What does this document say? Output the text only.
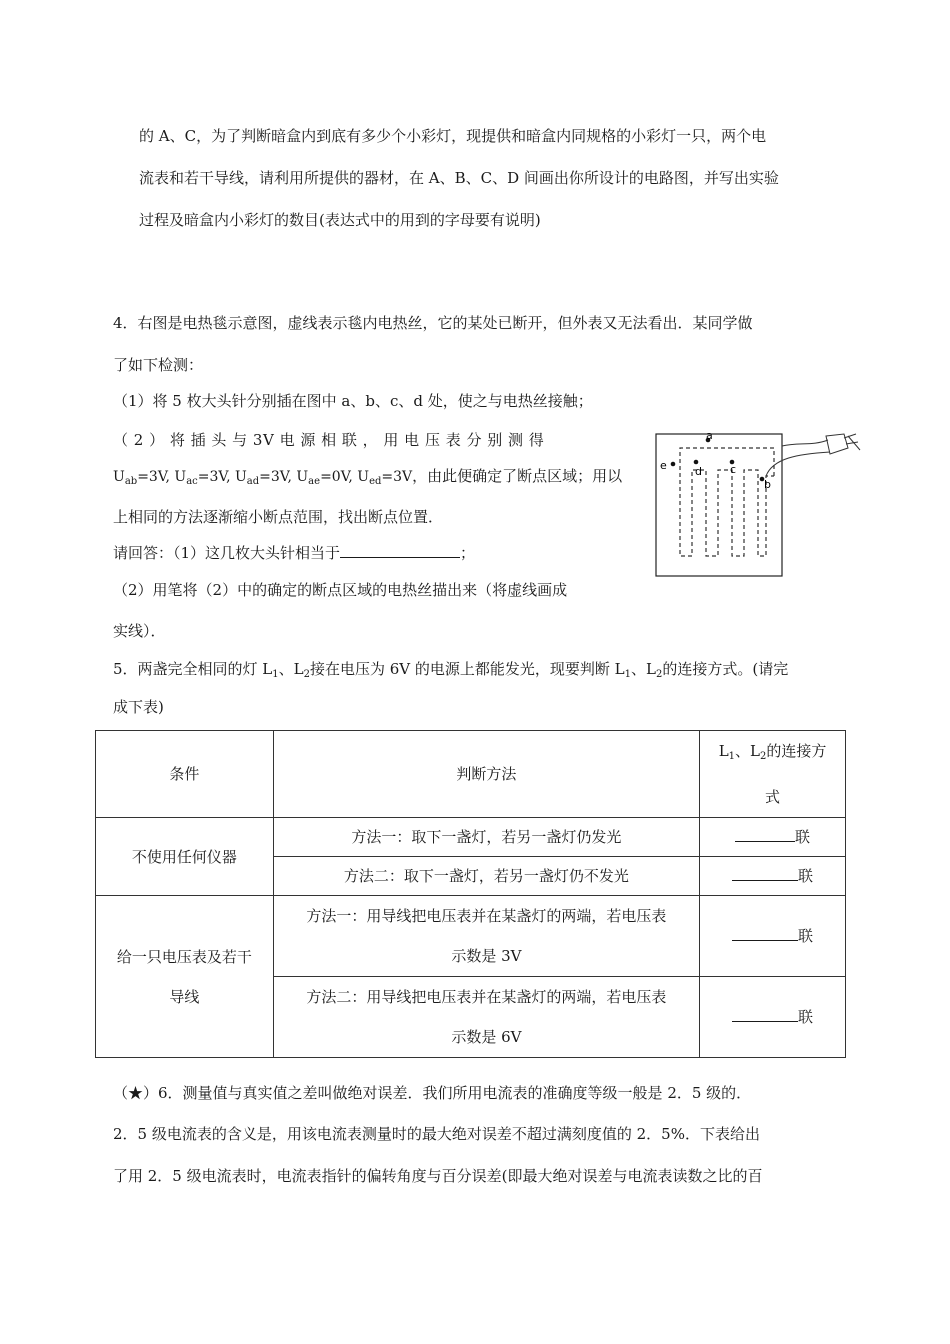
的 A、C，为了判断暗盒内到底有多少个小彩灯，现提供和暗盒内同规格的小彩灯一只，两个电
流表和若干导线，请利用所提供的器材，在 A、B、C、D 间画出你所设计的电路图，并写出实验
过程及暗盒内小彩灯的数目(表达式中的用到的字母要有说明)
4．右图是电热毯示意图，虚线表示毯内电热丝，它的某处已断开，但外表又无法看出．某同学做
了如下检测：
（1）将 5 枚大头针分别插在图中 a、b、c、d 处，使之与电热丝接触；
（ 2 ） 将 插 头 与 3V 电 源 相 联 ， 用 电 压 表 分 别 测 得
$U_{ab}=3V$, $U_{ac}=3V$, $U_{ad}=3V$, $U_{ae}=0V$, $U_{ed}=3V$，由此便确定了断点区域；用以
上相同的方法逐渐缩小断点范围，找出断点位置．
请回答：（1）这几枚大头针相当于	；
（2）用笔将（2）中的确定的断点区域的电热丝描出来（将虚线画成
实线）．
a
e	d	c
b
5．两盏完全相同的灯 $L_1$、$L_2$接在电压为 6V 的电源上都能发光，现要判断 $L_1$、$L_2$的连接方式。(请完
成下表)
条件	判断方法	$L_1$、$L_2$的连接方
式

不使用任何仪器	方法一：取下一盏灯，若另一盏灯仍发光	联
	方法二：取下一盏灯，若另一盏灯仍不发光	联

给一只电压表及若干
导线	方法一：用导线把电压表并在某盏灯的两端，若电压表
示数是 3V	联

	方法二：用导线把电压表并在某盏灯的两端，若电压表
示数是 6V	联
（★）6．测量值与真实值之差叫做绝对误差．我们所用电流表的准确度等级一般是 2．5 级的．
2．5 级电流表的含义是，用该电流表测量时的最大绝对误差不超过满刻度值的 2．5%．下表给出
了用 2．5 级电流表时，电流表指针的偏转角度与百分误差(即最大绝对误差与电流表读数之比的百
